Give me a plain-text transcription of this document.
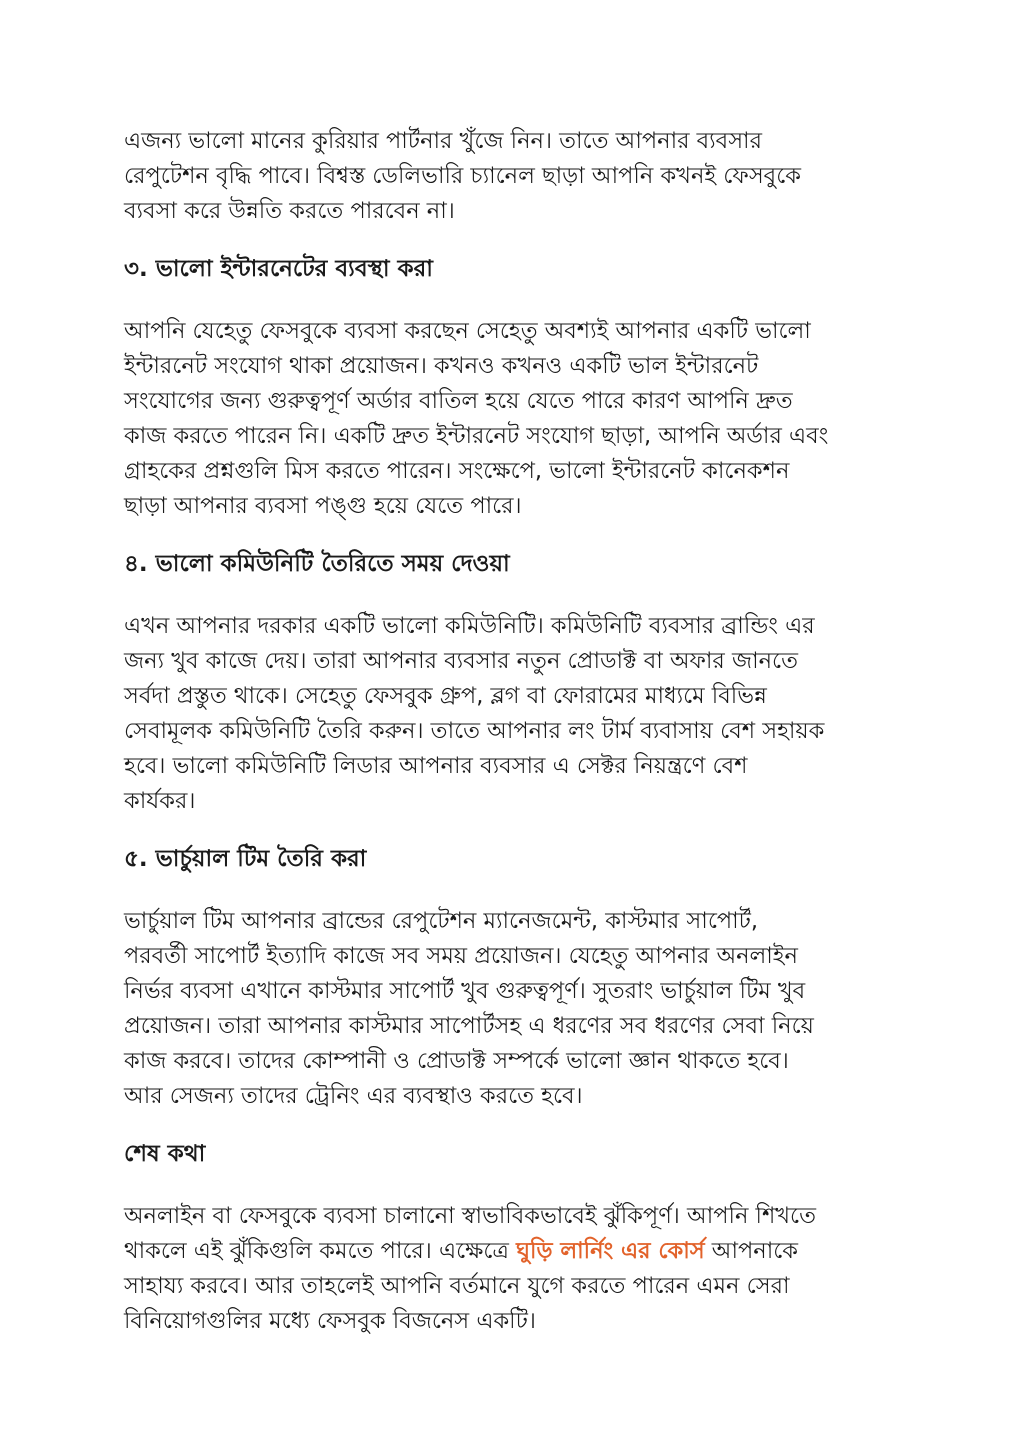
এজন্য ভালো মানের কুরিয়ার পার্টনার খুঁজে নিন। তাতে আপনার ব্যবসার
রেপুটেশন বৃদ্ধি পাবে। বিশ্বস্ত ডেলিভারি চ্যানেল ছাড়া আপনি কখনই ফেসবুকে
ব্যবসা করে উন্নতি করতে পারবেন না।

৩. ভালো ইন্টারনেটের ব্যবস্থা করা

আপনি যেহেতু ফেসবুকে ব্যবসা করছেন সেহেতু অবশ্যই আপনার একটি ভালো
ইন্টারনেট সংযোগ থাকা প্রয়োজন। কখনও কখনও একটি ভাল ইন্টারনেট
সংযোগের জন্য গুরুত্বপূর্ণ অর্ডার বাতিল হয়ে যেতে পারে কারণ আপনি দ্রুত
কাজ করতে পারেন নি। একটি দ্রুত ইন্টারনেট সংযোগ ছাড়া, আপনি অর্ডার এবং
গ্রাহকের প্রশ্নগুলি মিস করতে পারেন। সংক্ষেপে, ভালো ইন্টারনেট কানেকশন
ছাড়া আপনার ব্যবসা পঙ্গু হয়ে যেতে পারে।

৪. ভালো কমিউনিটি তৈরিতে সময় দেওয়া

এখন আপনার দরকার একটি ভালো কমিউনিটি। কমিউনিটি ব্যবসার ব্রান্ডিং এর
জন্য খুব কাজে দেয়। তারা আপনার ব্যবসার নতুন প্রোডাক্ট বা অফার জানতে
সর্বদা প্রস্তুত থাকে। সেহেতু ফেসবুক গ্রুপ, ব্লগ বা ফোরামের মাধ্যমে বিভিন্ন
সেবামূলক কমিউনিটি তৈরি করুন। তাতে আপনার লং টার্ম ব্যবাসায় বেশ সহায়ক
হবে। ভালো কমিউনিটি লিডার আপনার ব্যবসার এ সেক্টর নিয়ন্ত্রণে বেশ
কার্যকর।

৫. ভার্চুয়াল টিম তৈরি করা

ভার্চুয়াল টিম আপনার ব্রান্ডের রেপুটেশন ম্যানেজমেন্ট, কাস্টমার সাপোর্ট,
পরবর্তী সাপোর্ট ইত্যাদি কাজে সব সময় প্রয়োজন। যেহেতু আপনার অনলাইন
নির্ভর ব্যবসা এখানে কাস্টমার সাপোর্ট খুব গুরুত্বপূর্ণ। সুতরাং ভার্চুয়াল টিম খুব
প্রয়োজন। তারা আপনার কাস্টমার সাপোর্টসহ এ ধরণের সব ধরণের সেবা নিয়ে
কাজ করবে। তাদের কোম্পানী ও প্রোডাক্ট সম্পর্কে ভালো জ্ঞান থাকতে হবে।
আর সেজন্য তাদের ট্রেনিং এর ব্যবস্থাও করতে হবে।

শেষ কথা

অনলাইন বা ফেসবুকে ব্যবসা চালানো স্বাভাবিকভাবেই ঝুঁকিপূর্ণ। আপনি শিখতে
থাকলে এই ঝুঁকিগুলি কমতে পারে। এক্ষেত্রে ঘুড়ি লার্নিং এর কোর্স আপনাকে
সাহায্য করবে। আর তাহলেই আপনি বর্তমানে যুগে করতে পারেন এমন সেরা
বিনিয়োগগুলির মধ্যে ফেসবুক বিজনেস একটি।
